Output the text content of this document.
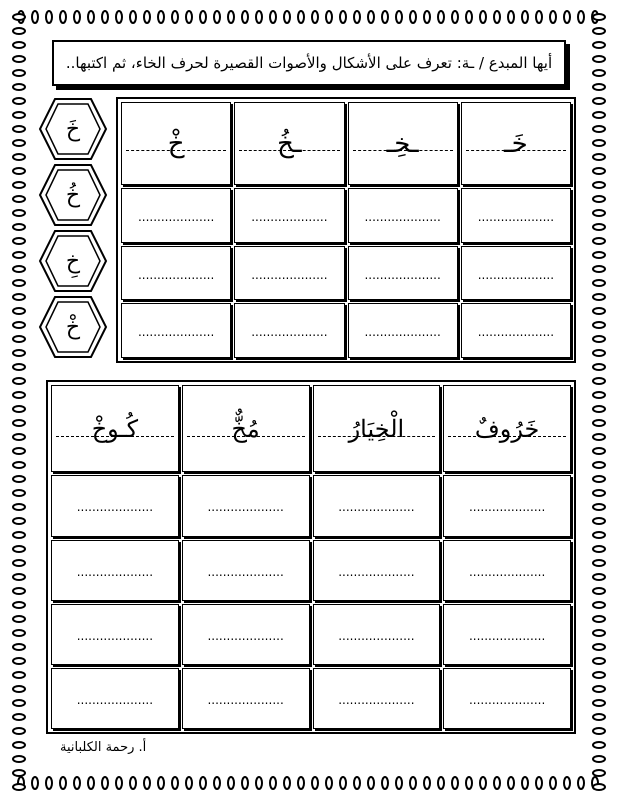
أيها المبدع / ـة: تعرف على الأشكال والأصوات القصيرة لحرف الخاء، ثم اكتبها..
خَ
خُ
خِ
خْ
خَـ	ـخِـ	ـخُ	خْ
....................	....................	....................	....................
....................	....................	....................	....................
....................	....................	....................	....................
خَرُوفٌ	الْخِيَارُ	مُخٌّ	كُـوخْ
....................	....................	....................	....................
....................	....................	....................	....................
....................	....................	....................	....................
....................	....................	....................	....................
أ. رحمة الكلبانية
